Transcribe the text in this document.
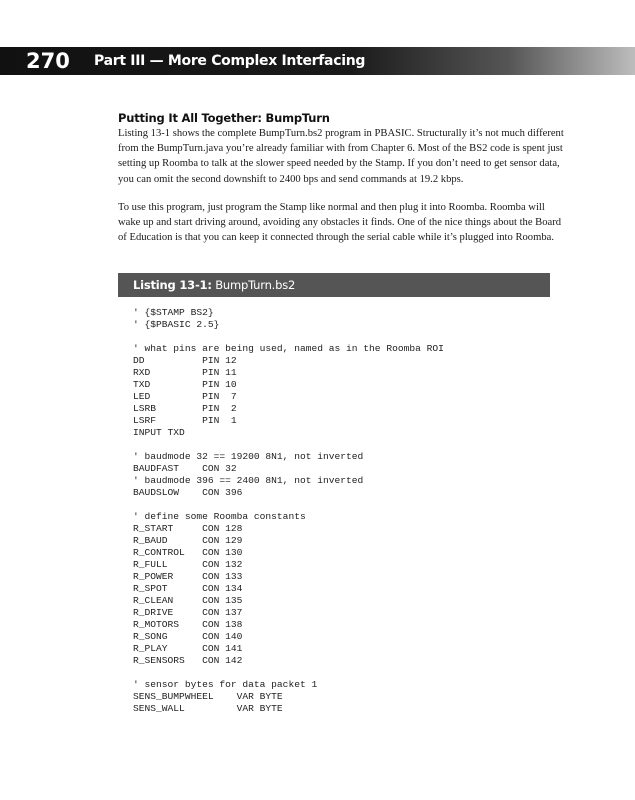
270 Part III — More Complex Interfacing
Putting It All Together: BumpTurn

Listing 13-1 shows the complete BumpTurn.bs2 program in PBASIC. Structurally it’s not much different from the BumpTurn.java you’re already familiar with from Chapter 6. Most of the BS2 code is spent just setting up Roomba to talk at the slower speed needed by the Stamp. If you don’t need to get sensor data, you can omit the second downshift to 2400 bps and send commands at 19.2 kbps.

To use this program, just program the Stamp like normal and then plug it into Roomba. Roomba will wake up and start driving around, avoiding any obstacles it finds. One of the nice things about the Board of Education is that you can keep it connected through the serial cable while it’s plugged into Roomba.

Listing 13-1: BumpTurn.bs2
' {$STAMP BS2}
' {$PBASIC 2.5}
' what pins are being used, named as in the Roomba ROI
DD          PIN 12
RXD         PIN 11
TXD         PIN 10
LED         PIN  7
LSRB        PIN  2
LSRF        PIN  1
INPUT TXD
' baudmode 32 == 19200 8N1, not inverted
BAUDFAST    CON 32
' baudmode 396 == 2400 8N1, not inverted
BAUDSLOW    CON 396
' define some Roomba constants
R_START     CON 128
R_BAUD      CON 129
R_CONTROL   CON 130
R_FULL      CON 132
R_POWER     CON 133
R_SPOT      CON 134
R_CLEAN     CON 135
R_DRIVE     CON 137
R_MOTORS    CON 138
R_SONG      CON 140
R_PLAY      CON 141
R_SENSORS   CON 142
' sensor bytes for data packet 1
SENS_BUMPWHEEL    VAR BYTE
SENS_WALL         VAR BYTE
